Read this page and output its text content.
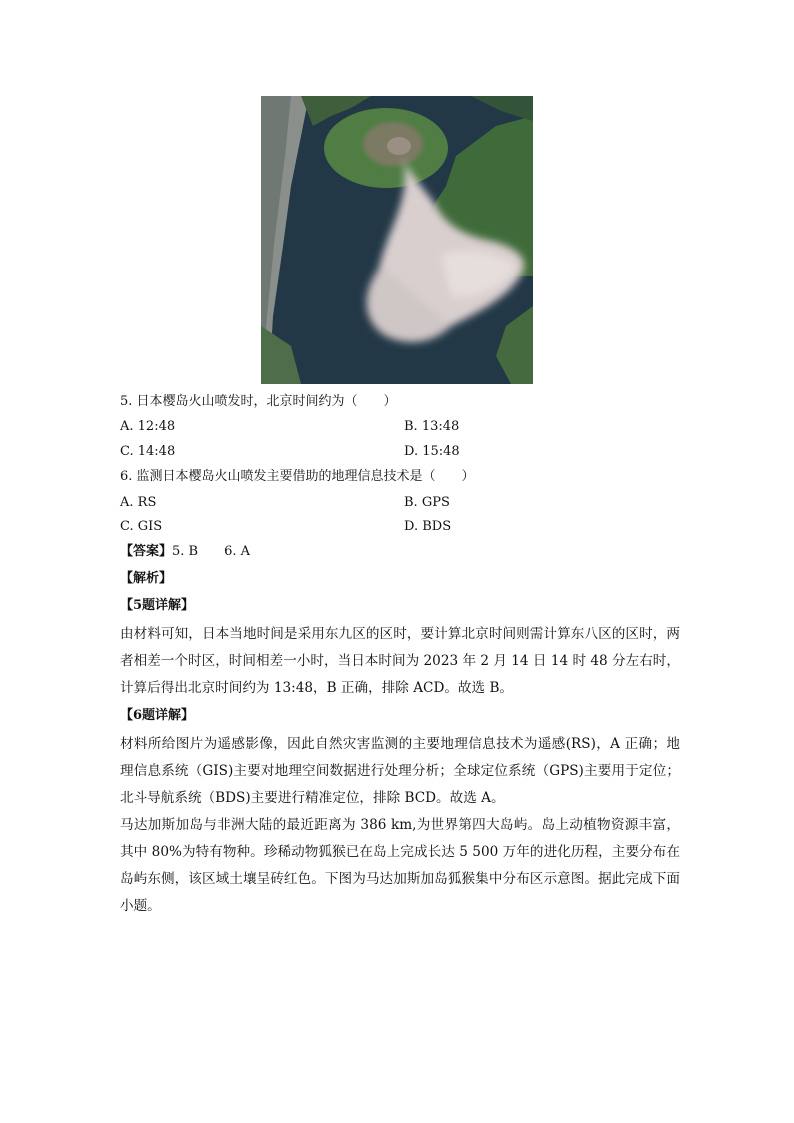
5. 日本樱岛火山喷发时，北京时间约为（　　）
A. 12:48	B. 13:48
C. 14:48	D. 15:48
6. 监测日本樱岛火山喷发主要借助的地理信息技术是（　　）
A. RS	B. GPS
C. GIS	D. BDS
【答案】5. B　　6. A
【解析】
【5题详解】
由材料可知，日本当地时间是采用东九区的区时，要计算北京时间则需计算东八区的区时，两者相差一个时区，时间相差一小时，当日本时间为 2023 年 2 月 14 日 14 时 48 分左右时，计算后得出北京时间约为 13:48，B 正确，排除 ACD。故选 B。
【6题详解】
材料所给图片为遥感影像，因此自然灾害监测的主要地理信息技术为遥感(RS)，A 正确；地理信息系统（GIS)主要对地理空间数据进行处理分析；全球定位系统（GPS)主要用于定位；北斗导航系统（BDS)主要进行精准定位，排除 BCD。故选 A。
马达加斯加岛与非洲大陆的最近距离为 386 km,为世界第四大岛屿。岛上动植物资源丰富，其中 80%为特有物种。珍稀动物狐猴已在岛上完成长达 5 500 万年的进化历程，主要分布在岛屿东侧，该区域土壤呈砖红色。下图为马达加斯加岛狐猴集中分布区示意图。据此完成下面小题。
